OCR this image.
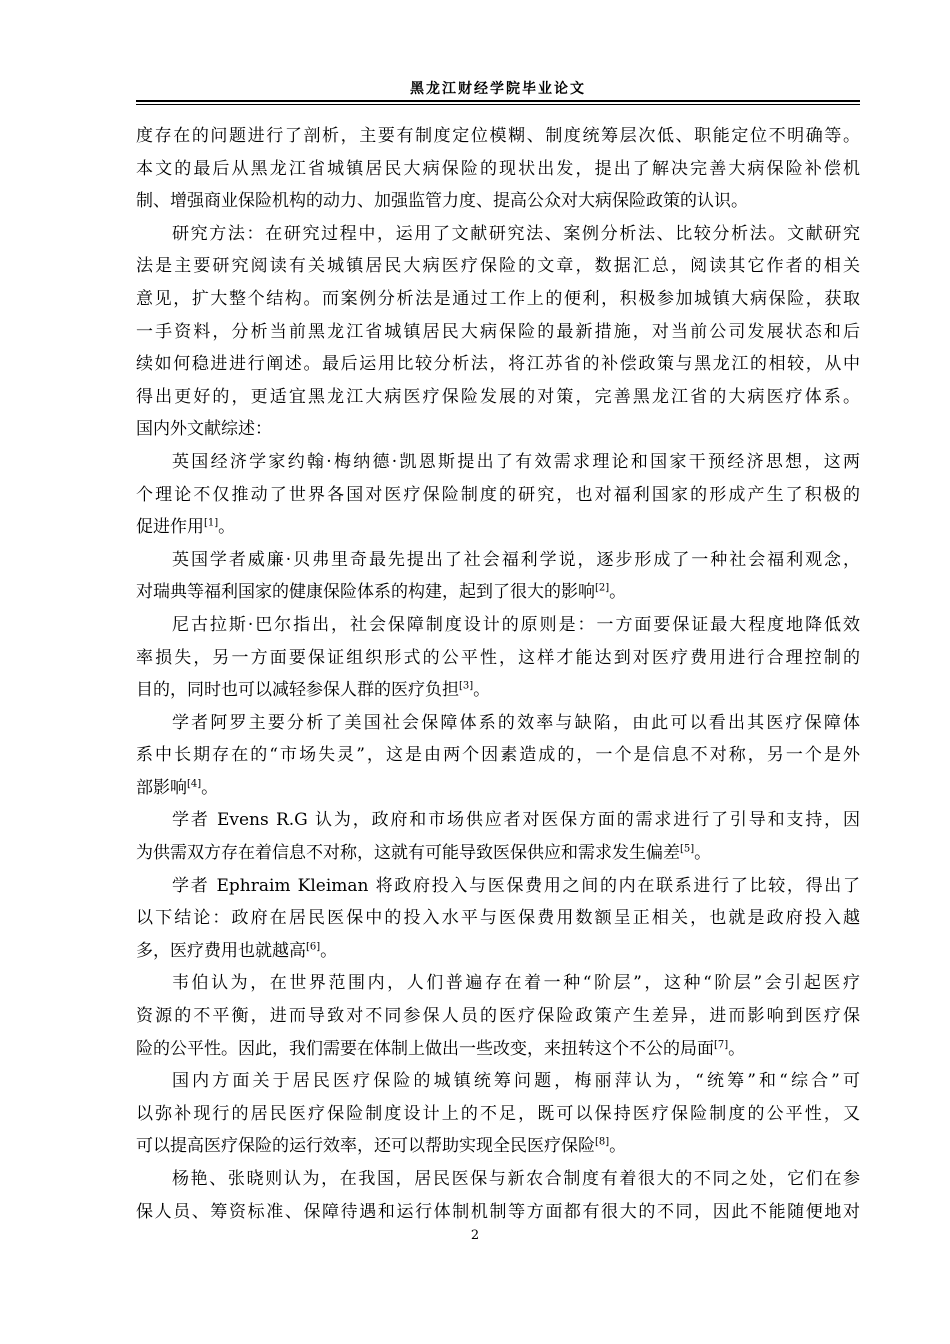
黑龙江财经学院毕业论文
度存在的问题进行了剖析，主要有制度定位模糊、制度统筹层次低、职能定位不明确等。
本文的最后从黑龙江省城镇居民大病保险的现状出发，提出了解决完善大病保险补偿机
制、增强商业保险机构的动力、加强监管力度、提高公众对大病保险政策的认识。
研究方法：在研究过程中，运用了文献研究法、案例分析法、比较分析法。文献研究
法是主要研究阅读有关城镇居民大病医疗保险的文章，数据汇总，阅读其它作者的相关
意见，扩大整个结构。而案例分析法是通过工作上的便利，积极参加城镇大病保险，获取
一手资料，分析当前黑龙江省城镇居民大病保险的最新措施，对当前公司发展状态和后
续如何稳进进行阐述。最后运用比较分析法，将江苏省的补偿政策与黑龙江的相较，从中
得出更好的，更适宜黑龙江大病医疗保险发展的对策，完善黑龙江省的大病医疗体系。
国内外文献综述：
英国经济学家约翰·梅纳德·凯恩斯提出了有效需求理论和国家干预经济思想，这两
个理论不仅推动了世界各国对医疗保险制度的研究，也对福利国家的形成产生了积极的
促进作用[1]。
英国学者威廉·贝弗里奇最先提出了社会福利学说，逐步形成了一种社会福利观念，
对瑞典等福利国家的健康保险体系的构建，起到了很大的影响[2]。
尼古拉斯·巴尔指出，社会保障制度设计的原则是：一方面要保证最大程度地降低效
率损失，另一方面要保证组织形式的公平性，这样才能达到对医疗费用进行合理控制的
目的，同时也可以减轻参保人群的医疗负担[3]。
学者阿罗主要分析了美国社会保障体系的效率与缺陷，由此可以看出其医疗保障体
系中长期存在的“市场失灵”，这是由两个因素造成的，一个是信息不对称，另一个是外
部影响[4]。
学者 Evens R.G 认为，政府和市场供应者对医保方面的需求进行了引导和支持，因
为供需双方存在着信息不对称，这就有可能导致医保供应和需求发生偏差[5]。
学者 Ephraim Kleiman 将政府投入与医保费用之间的内在联系进行了比较，得出了
以下结论：政府在居民医保中的投入水平与医保费用数额呈正相关，也就是政府投入越
多，医疗费用也就越高[6]。
韦伯认为，在世界范围内，人们普遍存在着一种“阶层”，这种“阶层”会引起医疗
资源的不平衡，进而导致对不同参保人员的医疗保险政策产生差异，进而影响到医疗保
险的公平性。因此，我们需要在体制上做出一些改变，来扭转这个不公的局面[7]。
国内方面关于居民医疗保险的城镇统筹问题，梅丽萍认为，“统筹”和“综合”可
以弥补现行的居民医疗保险制度设计上的不足，既可以保持医疗保险制度的公平性，又
可以提高医疗保险的运行效率，还可以帮助实现全民医疗保险[8]。
杨艳、张晓则认为，在我国，居民医保与新农合制度有着很大的不同之处，它们在参
保人员、筹资标准、保障待遇和运行体制机制等方面都有很大的不同，因此不能随便地对
2
